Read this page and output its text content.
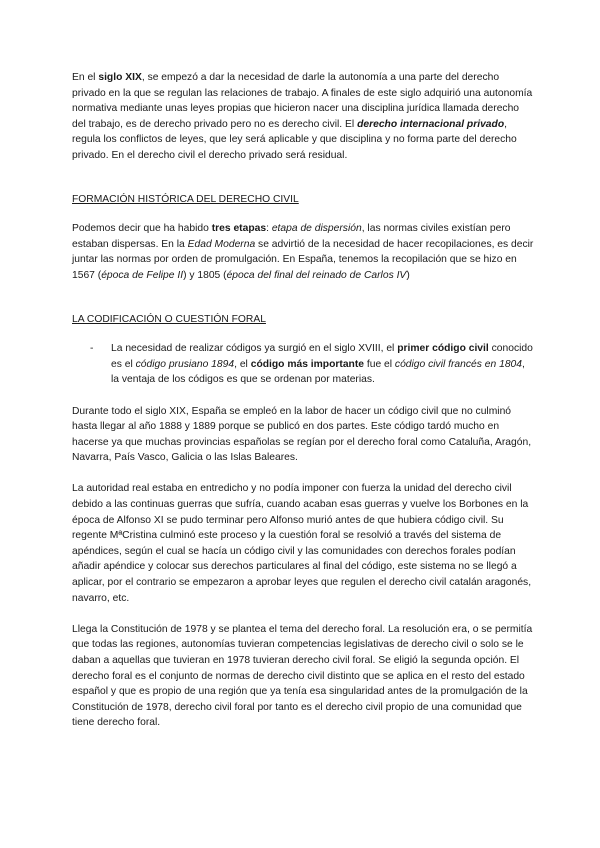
En el siglo XIX, se empezó a dar la necesidad de darle la autonomía a una parte del derecho privado en la que se regulan las relaciones de trabajo. A finales de este siglo adquirió una autonomía normativa mediante unas leyes propias que hicieron nacer una disciplina jurídica llamada derecho del trabajo, es de derecho privado pero no es derecho civil. El derecho internacional privado, regula los conflictos de leyes, que ley será aplicable y que disciplina y no forma parte del derecho privado. En el derecho civil el derecho privado será residual.

FORMACIÓN HISTÓRICA DEL DERECHO CIVIL

Podemos decir que ha habido tres etapas: etapa de dispersión, las normas civiles existían pero estaban dispersas. En la Edad Moderna se advirtió de la necesidad de hacer recopilaciones, es decir juntar las normas por orden de promulgación. En España, tenemos la recopilación que se hizo en 1567 (época de Felipe II) y 1805 (época del final del reinado de Carlos IV)

LA CODIFICACIÓN O CUESTIÓN FORAL

- La necesidad de realizar códigos ya surgió en el siglo XVIII, el primer código civil conocido es el código prusiano 1894, el código más importante fue el código civil francés en 1804, la ventaja de los códigos es que se ordenan por materias.

Durante todo el siglo XIX, España se empleó en la labor de hacer un código civil que no culminó hasta llegar al año 1888 y 1889 porque se publicó en dos partes. Este código tardó mucho en hacerse ya que muchas provincias españolas se regían por el derecho foral como Cataluña, Aragón, Navarra, País Vasco, Galicia o las Islas Baleares.

La autoridad real estaba en entredicho y no podía imponer con fuerza la unidad del derecho civil debido a las continuas guerras que sufría, cuando acaban esas guerras y vuelve los Borbones en la época de Alfonso XI se pudo terminar pero Alfonso murió antes de que hubiera código civil. Su regente MªCristina culminó este proceso y la cuestión foral se resolvió a través del sistema de apéndices, según el cual se hacía un código civil y las comunidades con derechos forales podían añadir apéndice y colocar sus derechos particulares al final del código, este sistema no se llegó a aplicar, por el contrario se empezaron a aprobar leyes que regulen el derecho civil catalán aragonés, navarro, etc.

Llega la Constitución de 1978 y se plantea el tema del derecho foral. La resolución era, o se permitía que todas las regiones, autonomías tuvieran competencias legislativas de derecho civil o solo se le daban a aquellas que tuvieran en 1978 tuvieran derecho civil foral. Se eligió la segunda opción. El derecho foral es el conjunto de normas de derecho civil distinto que se aplica en el resto del estado español y que es propio de una región que ya tenía esa singularidad antes de la promulgación de la Constitución de 1978, derecho civil foral por tanto es el derecho civil propio de una comunidad que tiene derecho foral.
